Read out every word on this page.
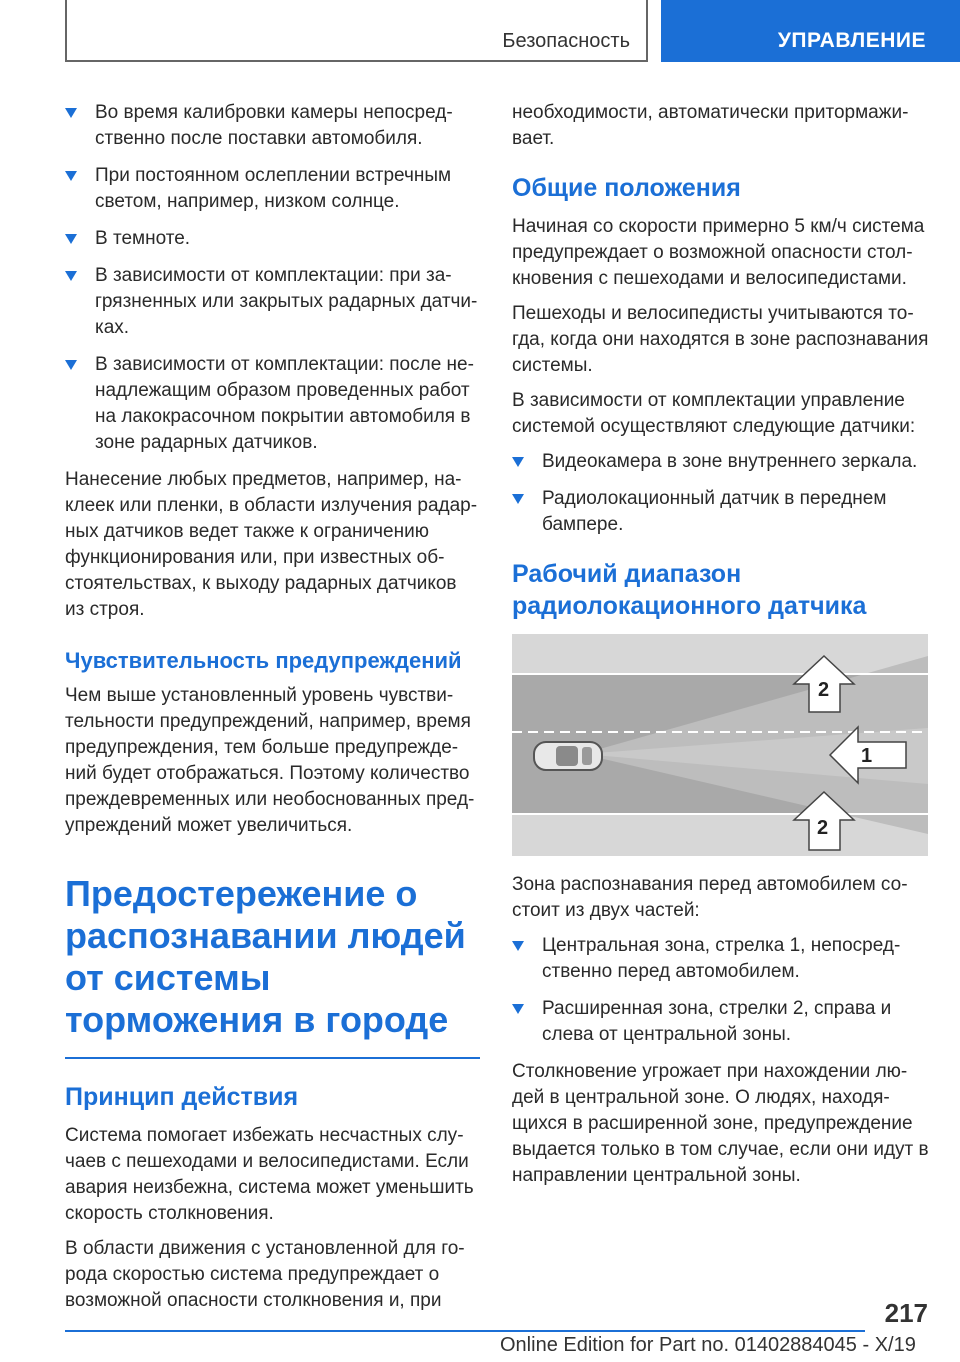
Безопасность	УПРАВЛЕНИЕ
Во время калибровки камеры непосредственно после поставки автомобиля.
При постоянном ослеплении встречным светом, например, низком солнце.
В темноте.
В зависимости от комплектации: при загрязненных или закрытых радарных датчиках.
В зависимости от комплектации: после ненадлежащим образом проведенных работ на лакокрасочном покрытии автомобиля в зоне радарных датчиков.

Нанесение любых предметов, например, наклеек или пленки, в области излучения радарных датчиков ведет также к ограничению функционирования или, при известных обстоятельствах, к выходу радарных датчиков из строя.

Чувствительность предупреждений

Чем выше установленный уровень чувствительности предупреждений, например, время предупреждения, тем больше предупреждений будет отображаться. Поэтому количество преждевременных или необоснованных предупреждений может увеличиться.

Предостережение о распознавании людей от системы торможения в городе
Принцип действия

Система помогает избежать несчастных случаев с пешеходами и велосипедистами. Если авария неизбежна, система может уменьшить скорость столкновения.

В области движения с установленной для города скоростью система предупреждает о возможной опасности столкновения и, при

необходимости, автоматически притормаживает.

Общие положения

Начиная со скорости примерно 5 км/ч система предупреждает о возможной опасности столкновения с пешеходами и велосипедистами.

Пешеходы и велосипедисты учитываются тогда, когда они находятся в зоне распознавания системы.

В зависимости от комплектации управление системой осуществляют следующие датчики:

Видеокамера в зоне внутреннего зеркала.
Радиолокационный датчик в переднем бампере.
Рабочий диапазон радиолокационного датчика
2
1
2

Зона распознавания перед автомобилем состоит из двух частей:

Центральная зона, стрелка 1, непосредственно перед автомобилем.
Расширенная зона, стрелки 2, справа и слева от центральной зоны.

Столкновение угрожает при нахождении людей в центральной зоне. О людях, находящихся в расширенной зоне, предупреждение выдается только в том случае, если они идут в направлении центральной зоны.

217
Online Edition for Part no. 01402884045 - X/19
